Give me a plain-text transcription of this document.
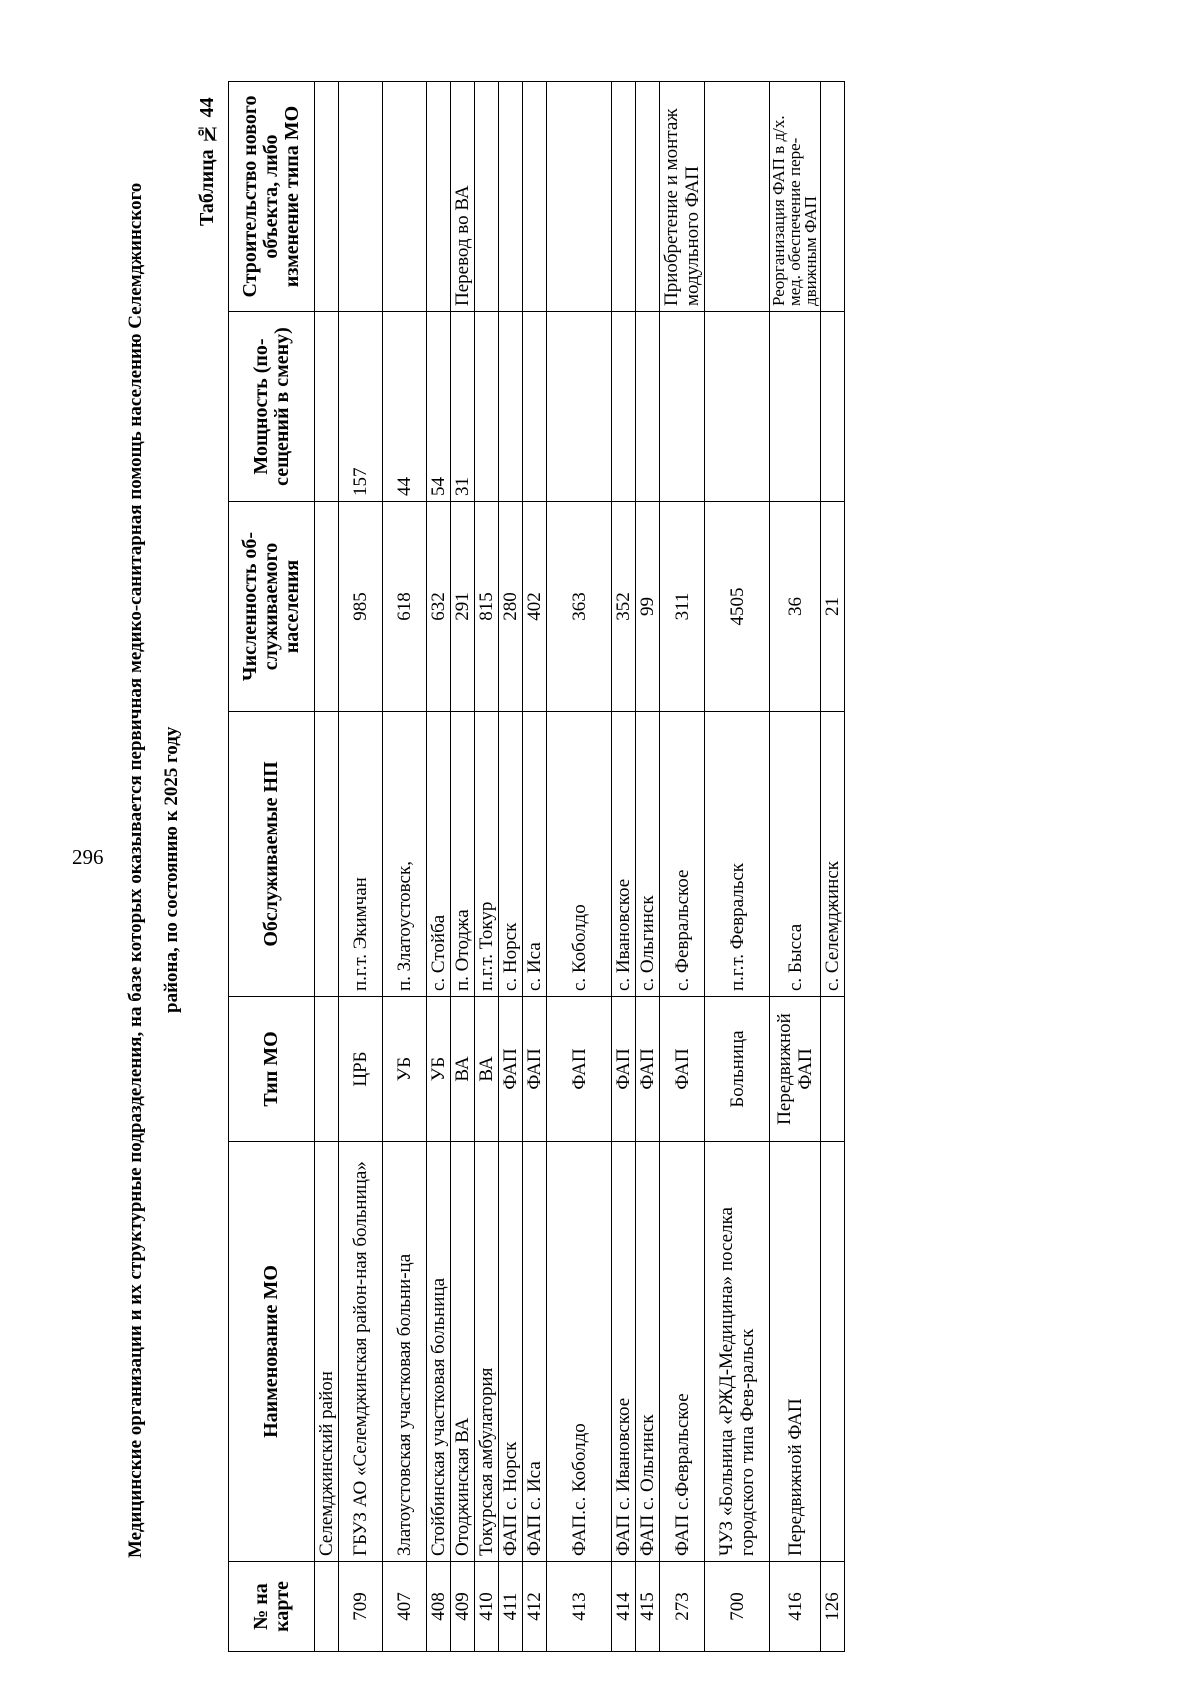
296	Медицинские организации и их структурные подразделения, на базе которых оказывается первичная медико-санитарная помощь населению Селемджинского района, по состоянию к 2025 году
Таблица № 44
№ на карте	Наименование МО	Тип МО	Обслуживаемые НП	Численность об-служиваемого населения	Мощность (по-сещений в смену)	Строительство нового объекта, либо изменение типа МО
	Селемджинский район					
709	ГБУЗ АО «Селемджинская район-ная больница»	ЦРБ	п.г.т. Экимчан	985	157	
407	Златоустовская участковая больни-ца	УБ	п. Златоустовск,	618	44	
408	Стойбинская участковая больница	УБ	с. Стойба	632	54	
409	Отоджинская ВА	ВА	п. Отоджа	291	31	Перевод во ВА
410	Токурская амбулатория	ВА	п.г.т. Токур	815		
411	ФАП с. Норск	ФАП	с. Норск	280		
412	ФАП с. Иса	ФАП	с. Иса	402		
413	ФАП.с. Коболдо	ФАП	с. Коболдо	363		
414	ФАП с. Ивановское	ФАП	с. Ивановское	352		
415	ФАП с. Ольгинск	ФАП	с. Ольгинск	99		
273	ФАП с.Февральское	ФАП	с. Февральское	311		Приобретение и монтаж модульного ФАП
700	ЧУЗ «Больница «РЖД-Медицина» поселка городского типа Фев-ральск	Больница	п.г.т. Февральск	4505		
416	Передвижной ФАП	Передвижной ФАП	с. Бысса	36		Реорганизация ФАП в д/х. мед. обеспечение пере-движным ФАП
126			с. Селемджинск	21		
